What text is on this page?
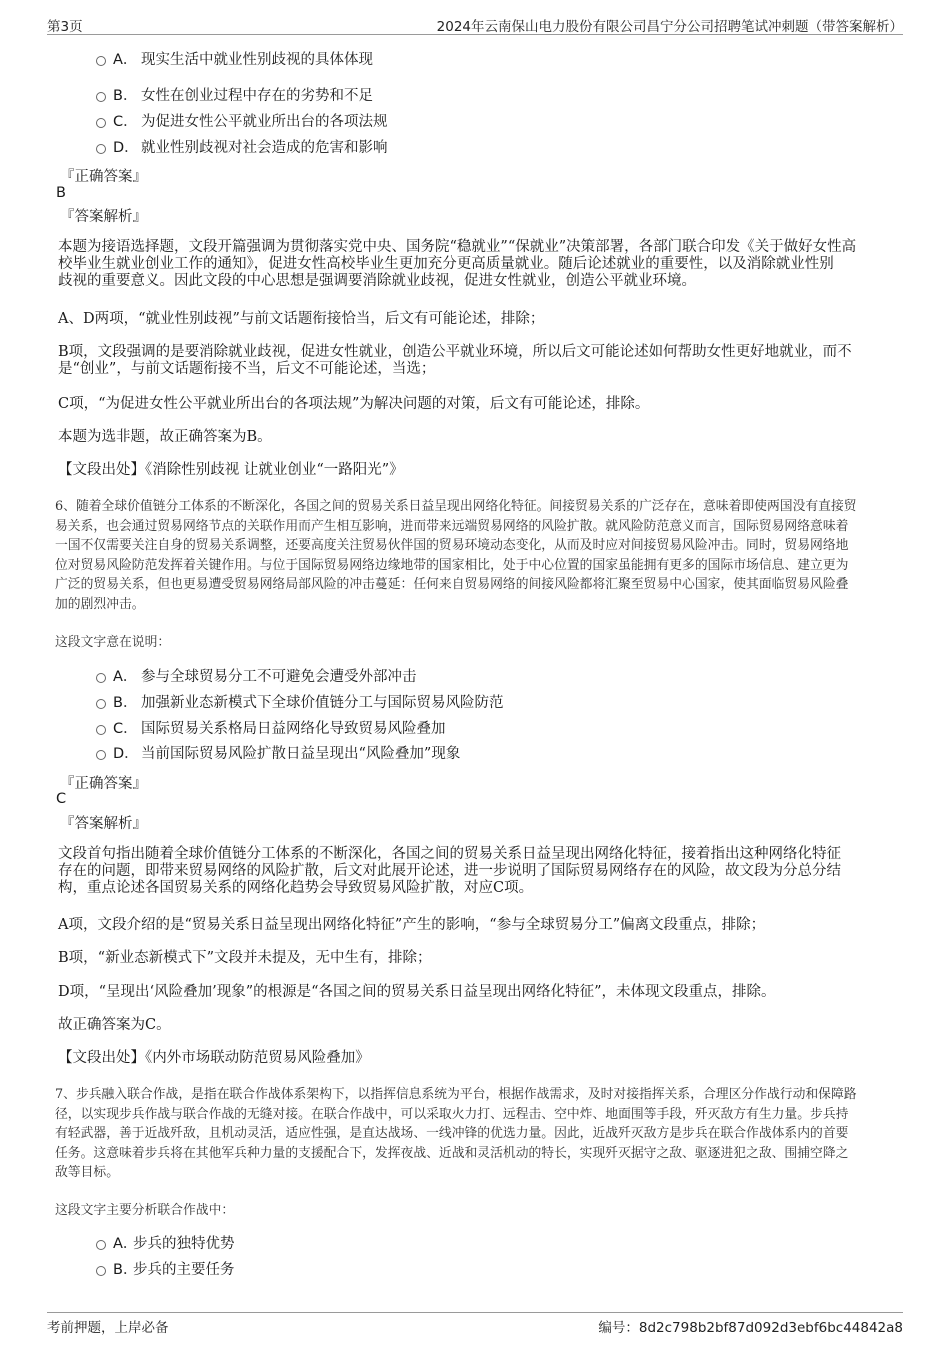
第3页	2024年云南保山电力股份有限公司昌宁分公司招聘笔试冲刺题（带答案解析）
A． 现实生活中就业性别歧视的具体体现
B． 女性在创业过程中存在的劣势和不足
C． 为促进女性公平就业所出台的各项法规
D． 就业性别歧视对社会造成的危害和影响
『正确答案』
B
『答案解析』
本题为接语选择题，文段开篇强调为贯彻落实党中央、国务院“稳就业”“保就业”决策部署，各部门联合印发《关于做好女性高
校毕业生就业创业工作的通知》，促进女性高校毕业生更加充分更高质量就业。随后论述就业的重要性，以及消除就业性别
歧视的重要意义。因此文段的中心思想是强调要消除就业歧视，促进女性就业，创造公平就业环境。
A、D两项，“就业性别歧视”与前文话题衔接恰当，后文有可能论述，排除；
B项，文段强调的是要消除就业歧视，促进女性就业，创造公平就业环境，所以后文可能论述如何帮助女性更好地就业，而不
是“创业”，与前文话题衔接不当，后文不可能论述，当选；
C项，“为促进女性公平就业所出台的各项法规”为解决问题的对策，后文有可能论述，排除。
本题为选非题，故正确答案为B。
【文段出处】《消除性别歧视 让就业创业“一路阳光”》
6、随着全球价值链分工体系的不断深化，各国之间的贸易关系日益呈现出网络化特征。间接贸易关系的广泛存在，意味着即使两国没有直接贸
易关系，也会通过贸易网络节点的关联作用而产生相互影响，进而带来远端贸易网络的风险扩散。就风险防范意义而言，国际贸易网络意味着
一国不仅需要关注自身的贸易关系调整，还要高度关注贸易伙伴国的贸易环境动态变化，从而及时应对间接贸易风险冲击。同时，贸易网络地
位对贸易风险防范发挥着关键作用。与位于国际贸易网络边缘地带的国家相比，处于中心位置的国家虽能拥有更多的国际市场信息、建立更为
广泛的贸易关系，但也更易遭受贸易网络局部风险的冲击蔓延：任何来自贸易网络的间接风险都将汇聚至贸易中心国家，使其面临贸易风险叠
加的剧烈冲击。
这段文字意在说明：
A． 参与全球贸易分工不可避免会遭受外部冲击
B． 加强新业态新模式下全球价值链分工与国际贸易风险防范
C． 国际贸易关系格局日益网络化导致贸易风险叠加
D． 当前国际贸易风险扩散日益呈现出“风险叠加”现象
『正确答案』
C
『答案解析』
文段首句指出随着全球价值链分工体系的不断深化，各国之间的贸易关系日益呈现出网络化特征，接着指出这种网络化特征
存在的问题，即带来贸易网络的风险扩散，后文对此展开论述，进一步说明了国际贸易网络存在的风险，故文段为分总分结
构，重点论述各国贸易关系的网络化趋势会导致贸易风险扩散，对应C项。
A项，文段介绍的是“贸易关系日益呈现出网络化特征”产生的影响，“参与全球贸易分工”偏离文段重点，排除；
B项，“新业态新模式下”文段并未提及，无中生有，排除；
D项，“呈现出‘风险叠加’现象”的根源是“各国之间的贸易关系日益呈现出网络化特征”，未体现文段重点，排除。
故正确答案为C。
【文段出处】《内外市场联动防范贸易风险叠加》
7、步兵融入联合作战，是指在联合作战体系架构下，以指挥信息系统为平台，根据作战需求，及时对接指挥关系，合理区分作战行动和保障路
径，以实现步兵作战与联合作战的无缝对接。在联合作战中，可以采取火力打、远程击、空中炸、地面围等手段，歼灭敌方有生力量。步兵持
有轻武器，善于近战歼敌，且机动灵活，适应性强，是直达战场、一线冲锋的优选力量。因此，近战歼灭敌方是步兵在联合作战体系内的首要
任务。这意味着步兵将在其他军兵种力量的支援配合下，发挥夜战、近战和灵活机动的特长，实现歼灭据守之敌、驱逐进犯之敌、围捕空降之
敌等目标。
这段文字主要分析联合作战中：
A．步兵的独特优势
B．步兵的主要任务
考前押题，上岸必备	编号：8d2c798b2bf87d092d3ebf6bc44842a8
